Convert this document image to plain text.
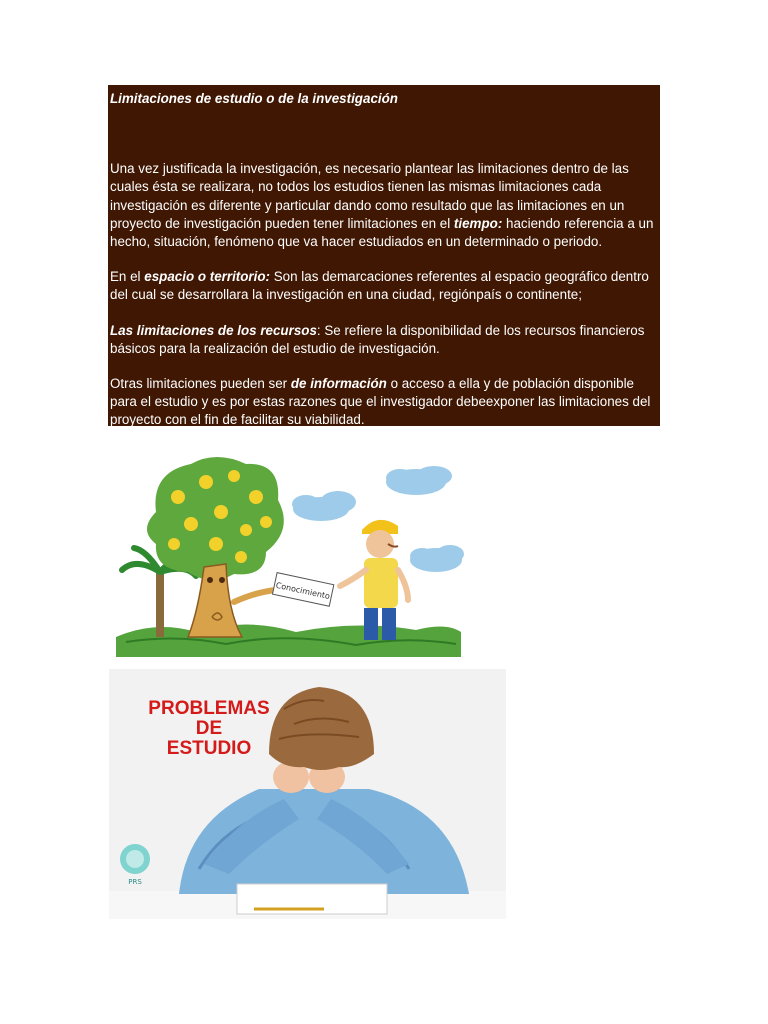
Limitaciones de estudio o de la investigación

Una vez justificada la investigación, es necesario plantear las limitaciones dentro de las cuales ésta se realizara, no todos los estudios tienen las mismas limitaciones cada investigación es diferente y particular dando como resultado que las limitaciones en un proyecto de investigación pueden tener limitaciones en el tiempo: haciendo referencia a un hecho, situación, fenómeno que va hacer estudiados en un determinado o periodo.

En el espacio o territorio: Son las demarcaciones referentes al espacio geográfico dentro del cual se desarrollara la investigación en una ciudad, regiónpaís o continente;

Las limitaciones de los recursos: Se refiere la disponibilidad de los recursos financieros básicos para la realización del estudio de investigación.

Otras limitaciones pueden ser de información o acceso a ella y de población disponible para el estudio y es por estas razones que el investigador debeexponer las limitaciones del proyecto con el fin de facilitar su viabilidad.

Conocimiento
PROBLEMAS
DE
ESTUDIO
PRS
